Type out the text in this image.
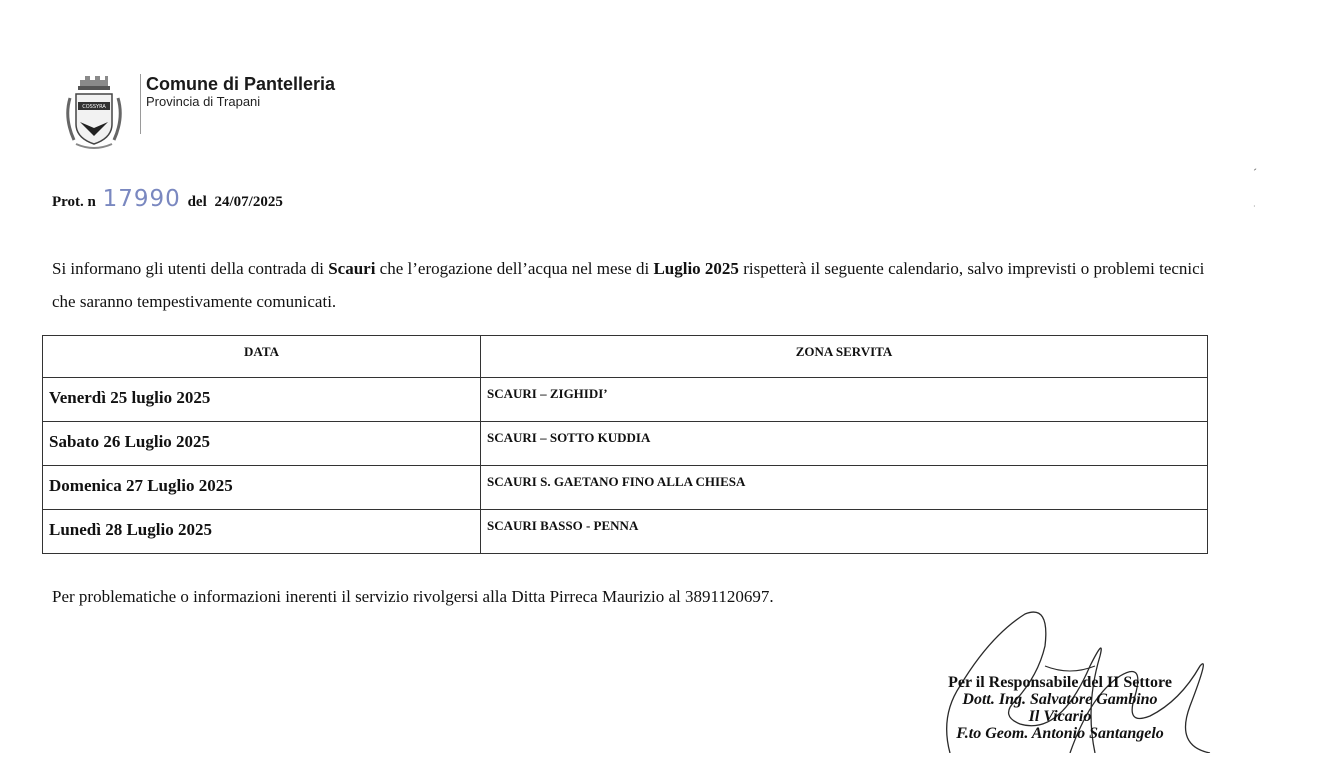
COSSYRA
Comune di Pantelleria
Provincia di Trapani
Prot. n 17990 del 24/07/2025
Si informano gli utenti della contrada di Scauri che l’erogazione dell’acqua nel mese di Luglio 2025 rispetterà il seguente calendario, salvo imprevisti o problemi tecnici che saranno tempestivamente comunicati.
DATA	ZONA SERVITA
Venerdì 25 luglio 2025	SCAURI – ZIGHIDI’
Sabato 26 Luglio 2025	SCAURI – SOTTO KUDDIA
Domenica 27 Luglio 2025	SCAURI S. GAETANO FINO ALLA CHIESA
Lunedì 28 Luglio 2025	SCAURI BASSO - PENNA
Per problematiche o informazioni inerenti il servizio rivolgersi alla Ditta Pirreca Maurizio al 3891120697.
Per il Responsabile del II Settore
Dott. Ing. Salvatore Gambino
Il Vicario
F.to Geom. Antonio Santangelo
ˊ
·
